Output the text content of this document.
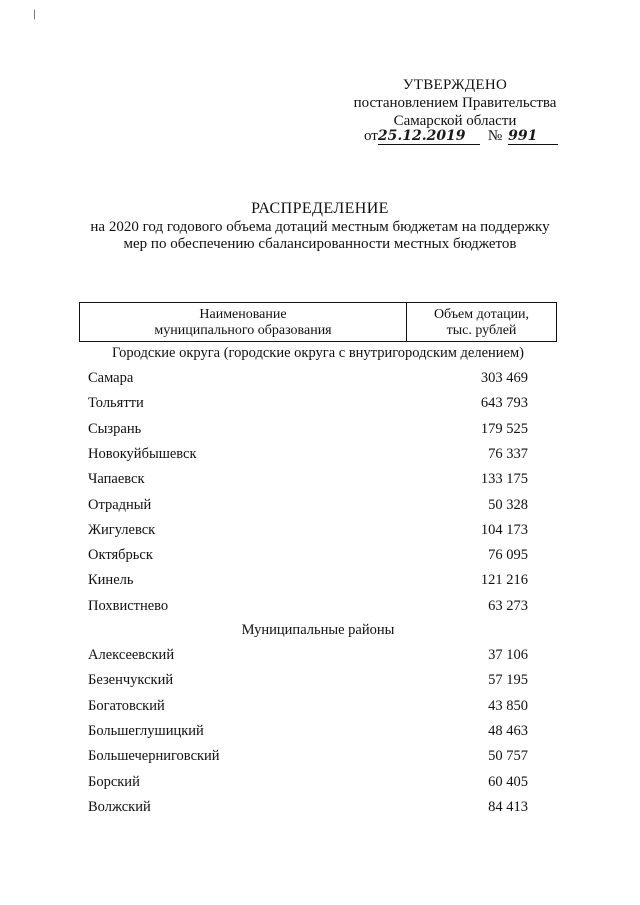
/
УТВЕРЖДЕНО
постановлением Правительства
Самарской области
от25.12.2019 № 991
РАСПРЕДЕЛЕНИЕ
на 2020 год годового объема дотаций местным бюджетам на поддержку
мер по обеспечению сбалансированности местных бюджетов
Наименование
муниципального образования	Объем дотации,
тыс. рублей
Городские округа (городские округа с внутригородским делением)
Самара	303 469
Тольятти	643 793
Сызрань	179 525
Новокуйбышевск	76 337
Чапаевск	133 175
Отрадный	50 328
Жигулевск	104 173
Октябрьск	76 095
Кинель	121 216
Похвистнево	63 273
Муниципальные районы
Алексеевский	37 106
Безенчукский	57 195
Богатовский	43 850
Большеглушицкий	48 463
Большечерниговский	50 757
Борский	60 405
Волжский	84 413
